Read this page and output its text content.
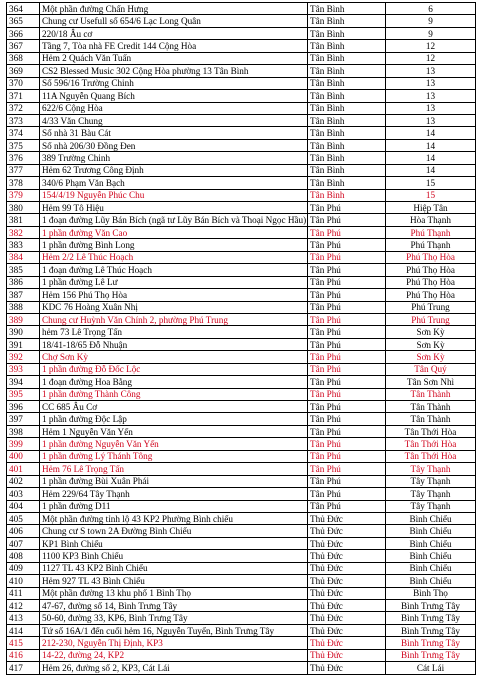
364	Một phần đường Chấn Hưng	Tân Bình	6
365	Chung cư Usefull số 654/6 Lạc Long Quân	Tân Bình	9
366	220/18 Âu cơ	Tân Bình	9
367	Tầng 7, Tòa nhà FE Credit 144 Cộng Hòa	Tân Bình	12
368	Hẻm 2 Quách Văn Tuấn	Tân Bình	12
369	CS2 Blessed Music 302 Cộng Hòa phường 13 Tân Bình	Tân Bình	13
370	Số 596/16 Trường Chinh	Tân Bình	13
371	11A Nguyễn Quang Bích	Tân Bình	13
372	622/6 Cộng Hòa	Tân Bình	13
373	4/33 Văn Chung	Tân Bình	13
374	Số nhà 31 Bàu Cát	Tân Bình	14
375	Số nhà 206/30 Đồng Đen	Tân Bình	14
376	389 Trường Chinh	Tân Bình	14
377	Hẻm 62 Trương Công Định	Tân Bình	14
378	340/6 Phạm Văn Bạch	Tân Bình	15
379	154/4/19 Nguyễn Phúc Chu	Tân Bình	15
380	Hẻm 99 Tô Hiệu	Tân Phú	Hiệp Tân
381	1 đoạn đường Lũy Bán Bích (ngã tư Lũy Bán Bích và Thoại Ngọc Hầu)	Tân Phú	Hòa Thạnh
382	1 phần đường Văn Cao	Tân Phú	Phú Thạnh
383	1 phần đường Bình Long	Tân Phú	Phú Thạnh
384	Hẻm 2/2 Lê Thúc Hoạch	Tân Phú	Phú Thọ Hòa
385	1 đoạn đường Lê Thúc Hoạch	Tân Phú	Phú Thọ Hòa
386	1 phần đường Lê Lư	Tân Phú	Phú Thọ Hòa
387	Hẻm 156 Phú Thọ Hòa	Tân Phú	Phú Thọ Hòa
388	KDC 76 Hoàng Xuân Nhị	Tân Phú	Phú Trung
389	Chung cư Huỳnh Văn Chính 2, phường Phú Trung	Tân Phú	Phú Trung
390	hẻm 73 Lê Trọng Tấn	Tân Phú	Sơn Kỳ
391	18/41-18/65 Đỗ Nhuận	Tân Phú	Sơn Kỳ
392	Chợ Sơn Kỳ	Tân Phú	Sơn Kỳ
393	1 phần đường Đỗ Đốc Lộc	Tân Phú	Tân Quý
394	1 đoạn đường Hoa Bằng	Tân Phú	Tân Sơn Nhì
395	1 phần đường Thành Công	Tân Phú	Tân Thành
396	CC 685 Âu Cơ	Tân Phú	Tân Thành
397	1 phần đường Độc Lập	Tân Phú	Tân Thành
398	Hẻm 1 Nguyễn Văn Yến	Tân Phú	Tân Thới Hòa
399	1 phần đường Nguyễn Văn Yến	Tân Phú	Tân Thới Hòa
400	1 phần đường Lý Thánh Tông	Tân Phú	Tân Thới Hòa
401	Hẻm 76 Lê Trọng Tấn	Tân Phú	Tây Thạnh
402	1 phần đường Bùi Xuân Phái	Tân Phú	Tây Thạnh
403	Hẻm 229/64 Tây Thạnh	Tân Phú	Tây Thạnh
404	1 phần đường D11	Tân Phú	Tây Thạnh
405	Một phần đường tỉnh lộ 43 KP2 Phường Bình chiểu	Thủ Đức	Bình Chiểu
406	Chung cư S town 2A Đường Bình Chiểu	Thủ Đức	Bình Chiểu
407	KP1 Bình Chiểu	Thủ Đức	Bình Chiểu
408	1100 KP3 Bình Chiểu	Thủ Đức	Bình Chiểu
409	1127 TL 43 KP2 Bình Chiểu	Thủ Đức	Bình Chiểu
410	Hẻm 927 TL 43 Bình Chiểu	Thủ Đức	Bình Chiểu
411	Một phần đường 13 khu phố 1 Bình Thọ	Thủ Đức	Bình Thọ
412	47-67, đường số 14, Bình Trưng Tây	Thủ Đức	Bình Trưng Tây
413	50-60, đường 33, KP6, Bình Trưng Tây	Thủ Đức	Bình Trưng Tây
414	Tứ số 16A/1 đến cuối hẻm 16, Nguyễn Tuyển, Bình Trưng Tây	Thủ Đức	Bình Trưng Tây
415	212-230, Nguyễn Thị Định, KP3	Thủ Đức	Bình Trưng Tây
416	14-22, đường 24, KP2	Thủ Đức	Bình Trưng Tây
417	Hẻm 26, đường số 2, KP3, Cát Lái	Thủ Đức	Cát Lái
